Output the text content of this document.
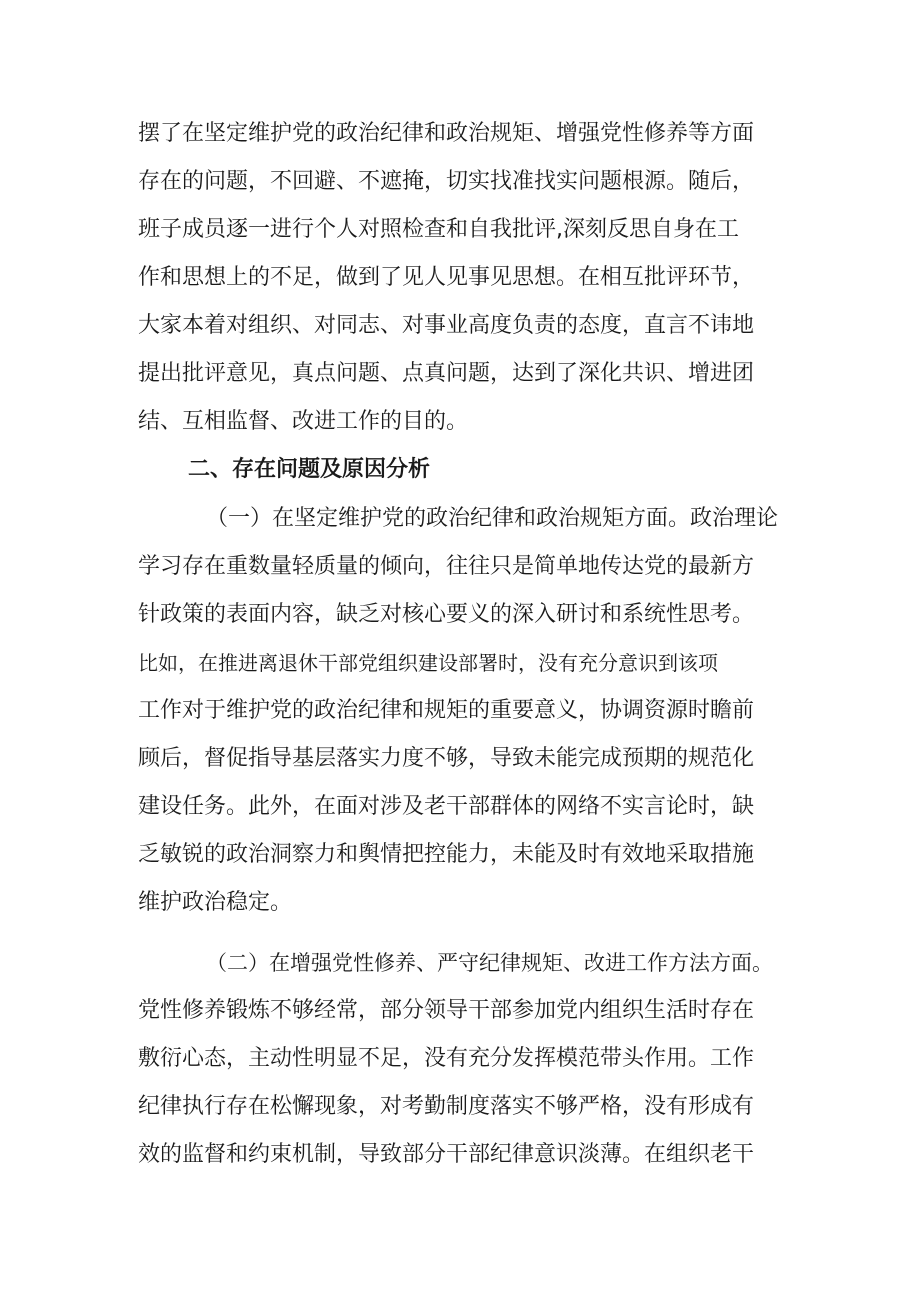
摆了在坚定维护党的政治纪律和政治规矩、增强党性修养等方面
存在的问题，不回避、不遮掩，切实找准找实问题根源。随后，
班子成员逐一进行个人对照检查和自我批评,深刻反思自身在工
作和思想上的不足，做到了见人见事见思想。在相互批评环节，
大家本着对组织、对同志、对事业高度负责的态度，直言不讳地
提出批评意见，真点问题、点真问题，达到了深化共识、增进团
结、互相监督、改进工作的目的。
二、存在问题及原因分析
（一）在坚定维护党的政治纪律和政治规矩方面。政治理论
学习存在重数量轻质量的倾向，往往只是简单地传达党的最新方
针政策的表面内容，缺乏对核心要义的深入研讨和系统性思考。
比如，在推进离退休干部党组织建设部署时，没有充分意识到该项
工作对于维护党的政治纪律和规矩的重要意义，协调资源时瞻前
顾后，督促指导基层落实力度不够，导致未能完成预期的规范化
建设任务。此外，在面对涉及老干部群体的网络不实言论时，缺
乏敏锐的政治洞察力和舆情把控能力，未能及时有效地采取措施
维护政治稳定。
（二）在增强党性修养、严守纪律规矩、改进工作方法方面。
党性修养锻炼不够经常，部分领导干部参加党内组织生活时存在
敷衍心态，主动性明显不足，没有充分发挥模范带头作用。工作
纪律执行存在松懈现象，对考勤制度落实不够严格，没有形成有
效的监督和约束机制，导致部分干部纪律意识淡薄。在组织老干
